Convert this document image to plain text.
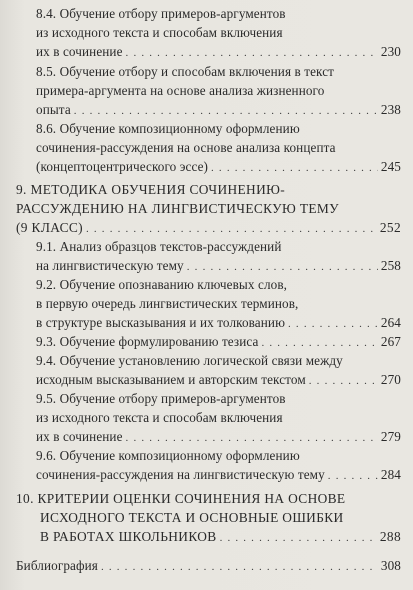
8.4. Обучение отбору примеров-аргументов
из исходного текста и способам включения
их в сочинение . . .	230
8.5. Обучение отбору и способам включения в текст
примера-аргумента на основе анализа жизненного
опыта . . .	238
8.6. Обучение композиционному оформлению
сочинения-рассуждения на основе анализа концепта
(концептоцентрического эссе) . . .	245
9. МЕТОДИКА ОБУЧЕНИЯ СОЧИНЕНИЮ-
РАССУЖДЕНИЮ НА ЛИНГВИСТИЧЕСКУЮ ТЕМУ
(9 КЛАСС) . . .	252
9.1. Анализ образцов текстов-рассуждений
на лингвистическую тему . . .	258
9.2. Обучение опознаванию ключевых слов,
в первую очередь лингвистических терминов,
в структуре высказывания и их толкованию . . .	264
9.3. Обучение формулированию тезиса . . .	267
9.4. Обучение установлению логической связи между
исходным высказыванием и авторским текстом . . .	270
9.5. Обучение отбору примеров-аргументов
из исходного текста и способам включения
их в сочинение . . .	279
9.6. Обучение композиционному оформлению
сочинения-рассуждения на лингвистическую тему . . .	284
10. КРИТЕРИИ ОЦЕНКИ СОЧИНЕНИЯ НА ОСНОВЕ
ИСХОДНОГО ТЕКСТА И ОСНОВНЫЕ ОШИБКИ
В РАБОТАХ ШКОЛЬНИКОВ . . .	288
Библиография . . .	308
